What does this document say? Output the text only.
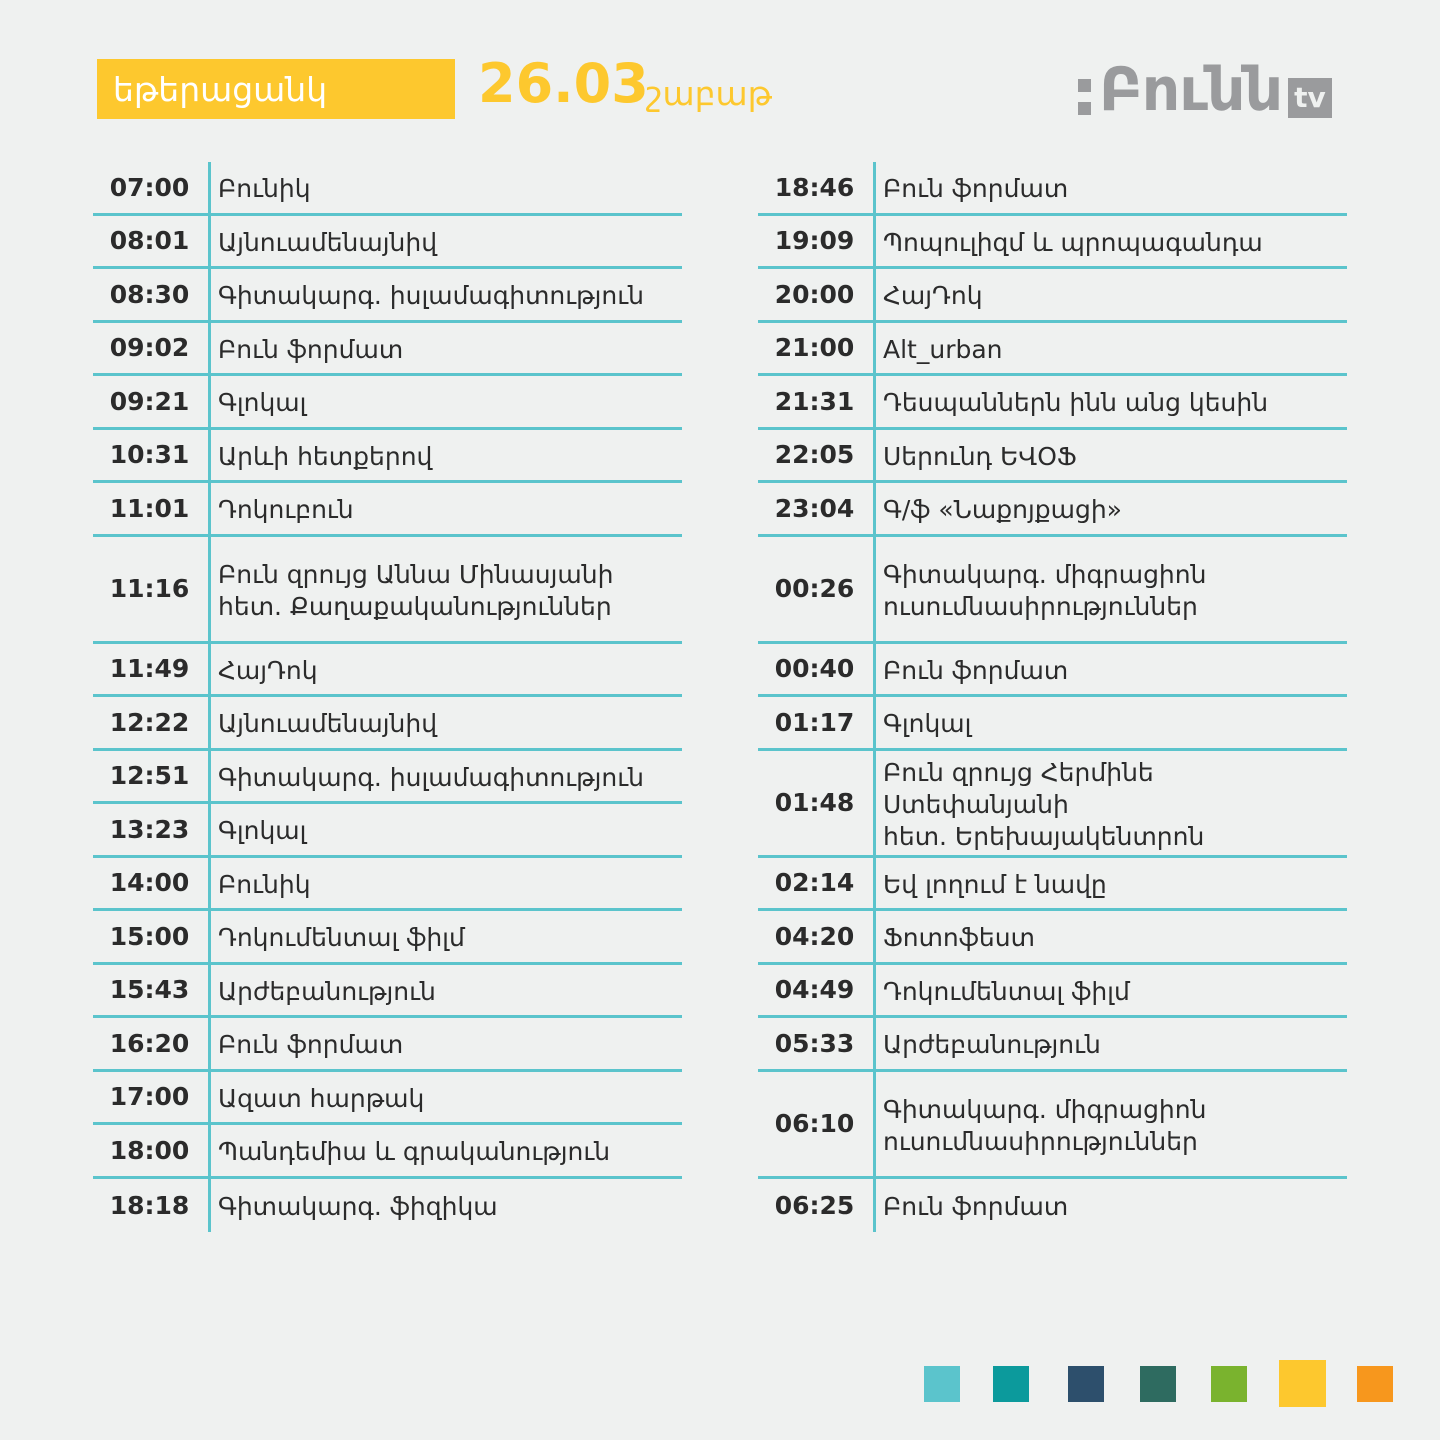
եթերացանկ	26.03
շաբաթ	Բունն tv
07:00	Բունիկ
08:01	Այնուամենայնիվ
08:30	Գիտակարգ. իսլամագիտություն
09:02	Բուն ֆորմատ
09:21	Գլոկալ
10:31	Արևի հետքերով
11:01	Դոկուբուն
11:16	Բուն զրույց Աննա Մինասյանի
հետ. Քաղաքականություններ
11:49	ՀայԴոկ
12:22	Այնուամենայնիվ
12:51	Գիտակարգ. իսլամագիտություն
13:23	Գլոկալ
14:00	Բունիկ
15:00	Դոկումենտալ ֆիլմ
15:43	Արժեբանություն
16:20	Բուն ֆորմատ
17:00	Ազատ հարթակ
18:00	Պանդեմիա և գրականություն
18:18	Գիտակարգ. ֆիզիկա
18:46	Բուն ֆորմատ
19:09	Պոպուլիզմ և պրոպագանդա
20:00	ՀայԴոկ
21:00	Alt_urban
21:31	Դեսպաններն ինն անց կեսին
22:05	Սերունդ ԵՎՕՖ
23:04	Գ/ֆ «Նաքոյքացի»
00:26	Գիտակարգ. միգրացիոն
ուսումնասիրություններ
00:40	Բուն ֆորմատ
01:17	Գլոկալ
01:48
Բուն զրույց Հերմինե Ստեփանյանի
հետ. Երեխայակենտրոն
02:14	Եվ լողում է նավը
04:20	Ֆոտոֆեստ
04:49	Դոկումենտալ ֆիլմ
05:33	Արժեբանություն
06:10	Գիտակարգ. միգրացիոն
ուսումնասիրություններ
06:25	Բուն ֆորմատ
